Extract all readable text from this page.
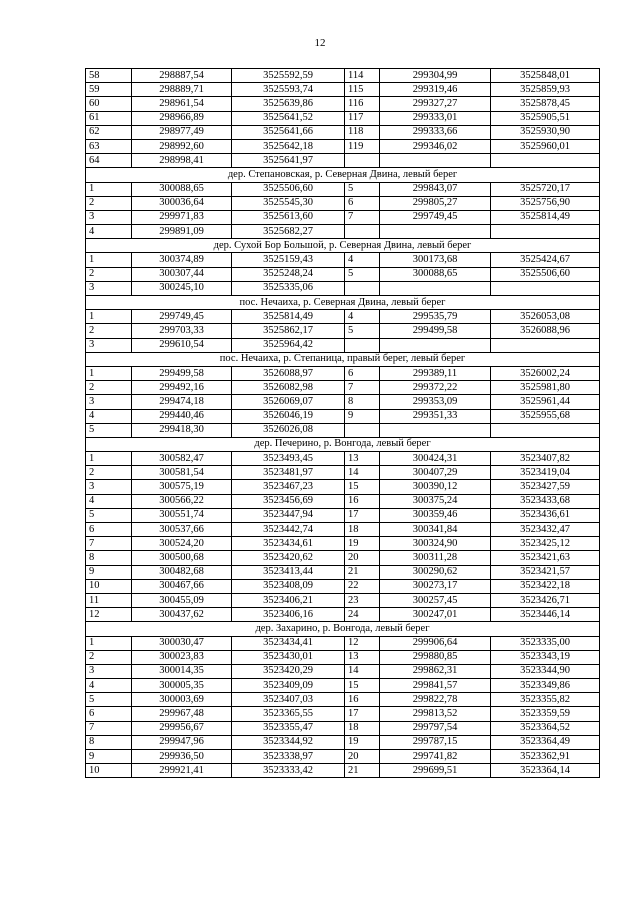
12
58	298887,54	3525592,59	114	299304,99	3525848,01
59	298889,71	3525593,74	115	299319,46	3525859,93
60	298961,54	3525639,86	116	299327,27	3525878,45
61	298966,89	3525641,52	117	299333,01	3525905,51
62	298977,49	3525641,66	118	299333,66	3525930,90
63	298992,60	3525642,18	119	299346,02	3525960,01
64	298998,41	3525641,97			
дер. Степановская, р. Северная Двина, левый берег					
1	300088,65	3525506,60	5	299843,07	3525720,17
2	300036,64	3525545,30	6	299805,27	3525756,90
3	299971,83	3525613,60	7	299749,45	3525814,49
4	299891,09	3525682,27			
дер. Сухой Бор Большой, р. Северная Двина, левый берег					
1	300374,89	3525159,43	4	300173,68	3525424,67
2	300307,44	3525248,24	5	300088,65	3525506,60
3	300245,10	3525335,06			
пос. Нечаиха, р. Северная Двина, левый берег					
1	299749,45	3525814,49	4	299535,79	3526053,08
2	299703,33	3525862,17	5	299499,58	3526088,96
3	299610,54	3525964,42			
пос. Нечаиха, р. Степаница, правый берег, левый берег					
1	299499,58	3526088,97	6	299389,11	3526002,24
2	299492,16	3526082,98	7	299372,22	3525981,80
3	299474,18	3526069,07	8	299353,09	3525961,44
4	299440,46	3526046,19	9	299351,33	3525955,68
5	299418,30	3526026,08			
дер. Печерино, р. Вонгода, левый берег					
1	300582,47	3523493,45	13	300424,31	3523407,82
2	300581,54	3523481,97	14	300407,29	3523419,04
3	300575,19	3523467,23	15	300390,12	3523427,59
4	300566,22	3523456,69	16	300375,24	3523433,68
5	300551,74	3523447,94	17	300359,46	3523436,61
6	300537,66	3523442,74	18	300341,84	3523432,47
7	300524,20	3523434,61	19	300324,90	3523425,12
8	300500,68	3523420,62	20	300311,28	3523421,63
9	300482,68	3523413,44	21	300290,62	3523421,57
10	300467,66	3523408,09	22	300273,17	3523422,18
11	300455,09	3523406,21	23	300257,45	3523426,71
12	300437,62	3523406,16	24	300247,01	3523446,14
дер. Захарино, р. Вонгода, левый берег					
1	300030,47	3523434,41	12	299906,64	3523335,00
2	300023,83	3523430,01	13	299880,85	3523343,19
3	300014,35	3523420,29	14	299862,31	3523344,90
4	300005,35	3523409,09	15	299841,57	3523349,86
5	300003,69	3523407,03	16	299822,78	3523355,82
6	299967,48	3523365,55	17	299813,52	3523359,59
7	299956,67	3523355,47	18	299797,54	3523364,52
8	299947,96	3523344,92	19	299787,15	3523364,49
9	299936,50	3523338,97	20	299741,82	3523362,91
10	299921,41	3523333,42	21	299699,51	3523364,14
